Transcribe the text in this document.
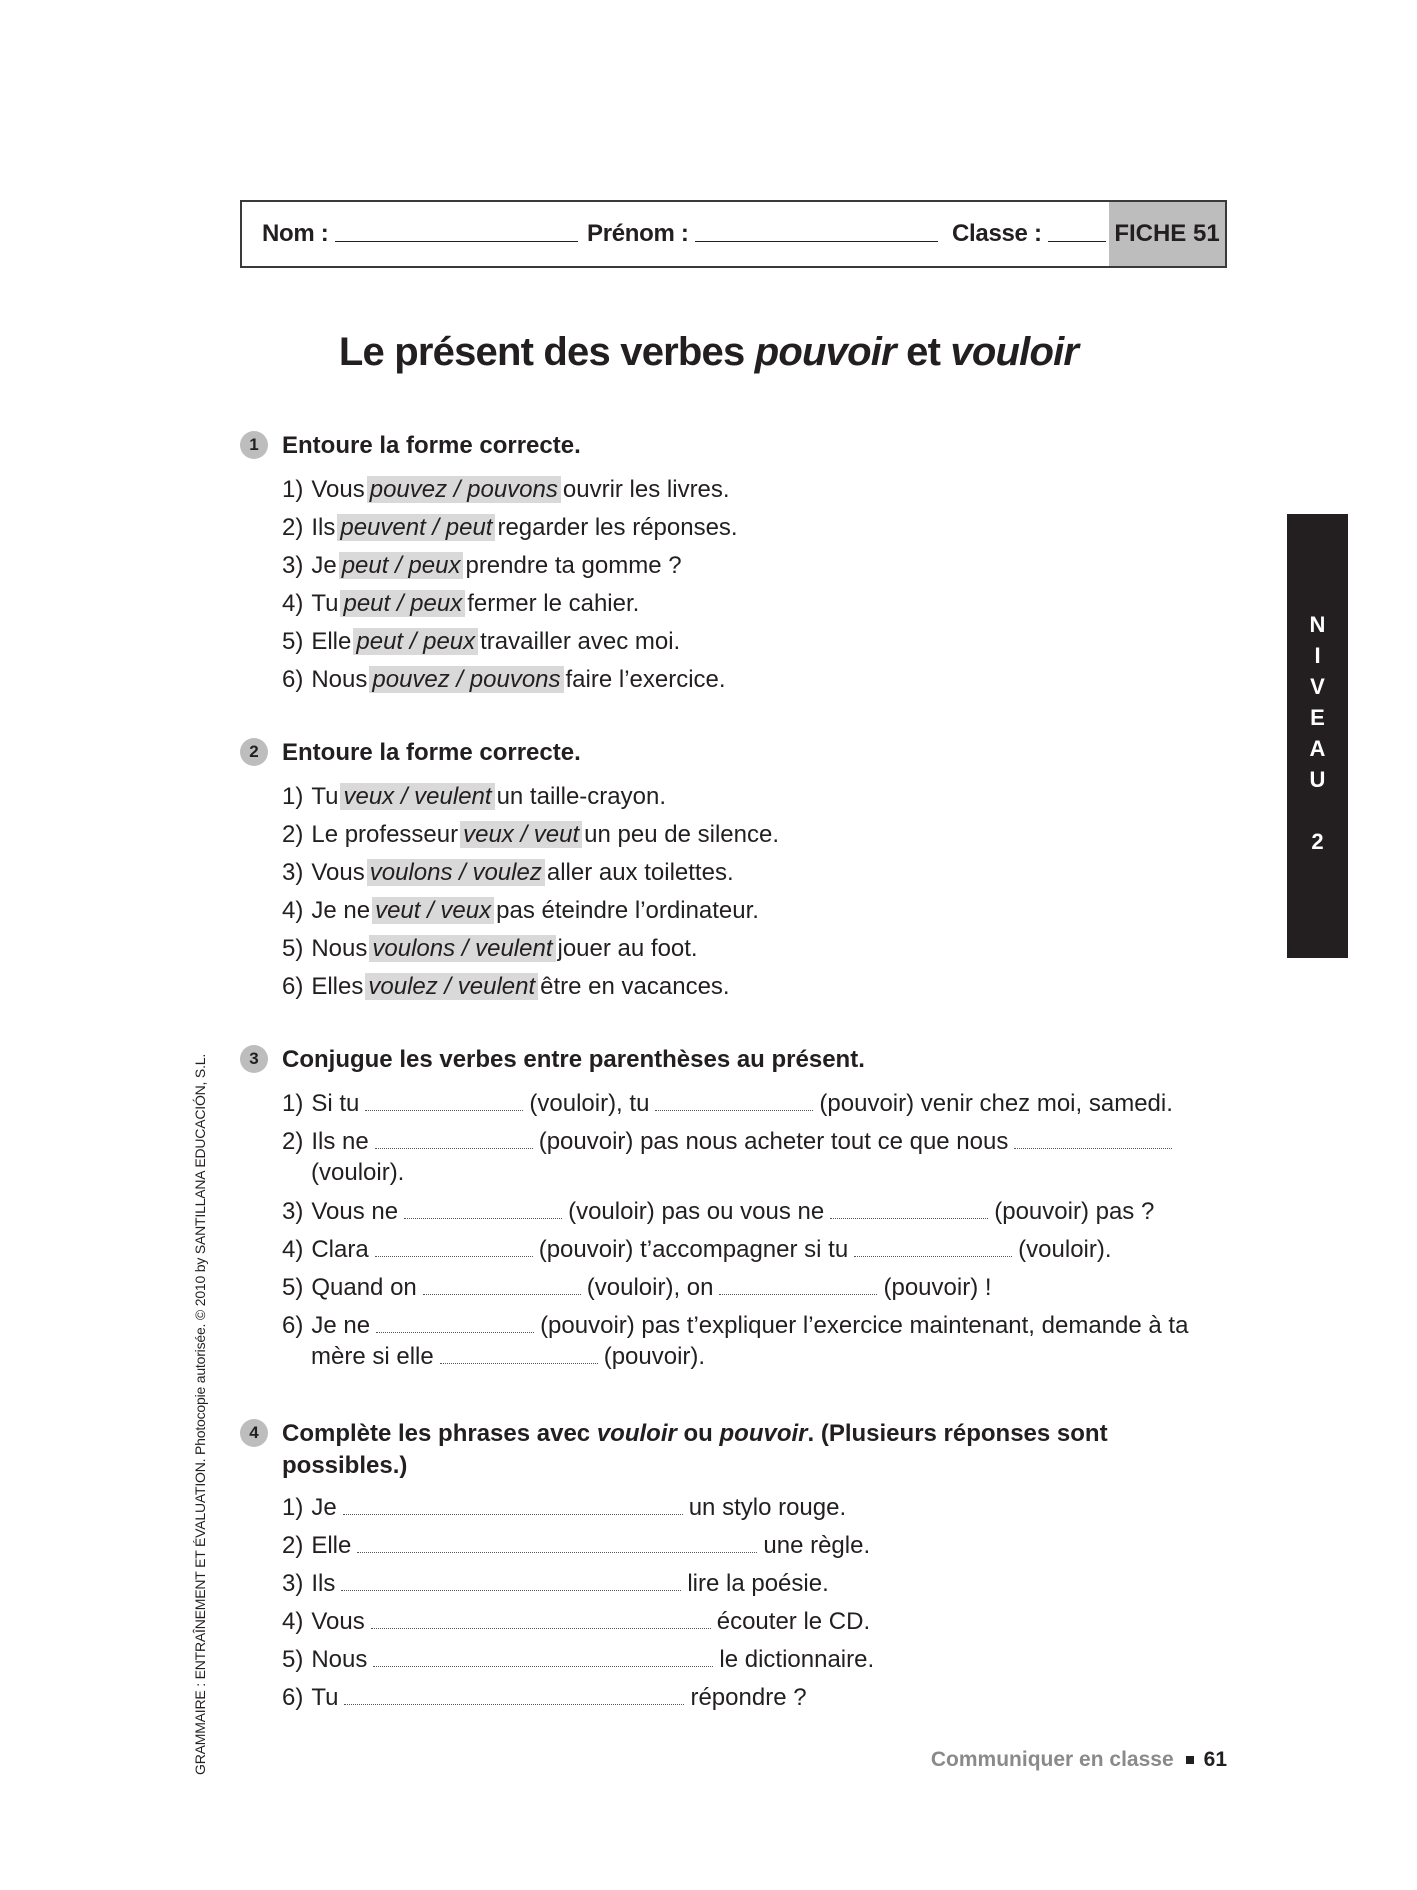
Nom :	Prénom :	Classe :	FICHE 51
Le présent des verbes pouvoir et vouloir
1 Entoure la forme correcte.
1) Vous pouvez / pouvons ouvrir les livres.
2) Ils peuvent / peut regarder les réponses.
3) Je peut / peux prendre ta gomme ?
4) Tu peut / peux fermer le cahier.
5) Elle peut / peux travailler avec moi.
6) Nous pouvez / pouvons faire l’exercice.
2 Entoure la forme correcte.
1) Tu veux / veulent un taille-crayon.
2) Le professeur veux / veut un peu de silence.
3) Vous voulons / voulez aller aux toilettes.
4) Je ne veut / veux pas éteindre l’ordinateur.
5) Nous voulons / veulent jouer au foot.
6) Elles voulez / veulent être en vacances.
3 Conjugue les verbes entre parenthèses au présent.
1) Si tu	(vouloir), tu	(pouvoir) venir chez moi, samedi.
2) Ils ne	(pouvoir) pas nous acheter tout ce que nous
(vouloir).
3) Vous ne	(vouloir) pas ou vous ne	(pouvoir) pas ?
4) Clara	(pouvoir) t’accompagner si tu	(vouloir).
5) Quand on	(vouloir), on	(pouvoir) !
6) Je ne	(pouvoir) pas t’expliquer l’exercice maintenant, demande à ta
mère si elle	(pouvoir).
4 Complète les phrases avec vouloir ou pouvoir. (Plusieurs réponses sont
possibles.)
1) Je	un stylo rouge.
2) Elle	une règle.
3) Ils	lire la poésie.
4) Vous	écouter le CD.
5) Nous	le dictionnaire.
6) Tu	répondre ?
N
I
V
E
A
U
2
GRAMMAIRE : ENTRAÎNEMENT ET ÉVALUATION. Photocopie autorisée. © 2010 by SANTILLANA EDUCACIÓN, S.L.	Communiquer en classe 61
